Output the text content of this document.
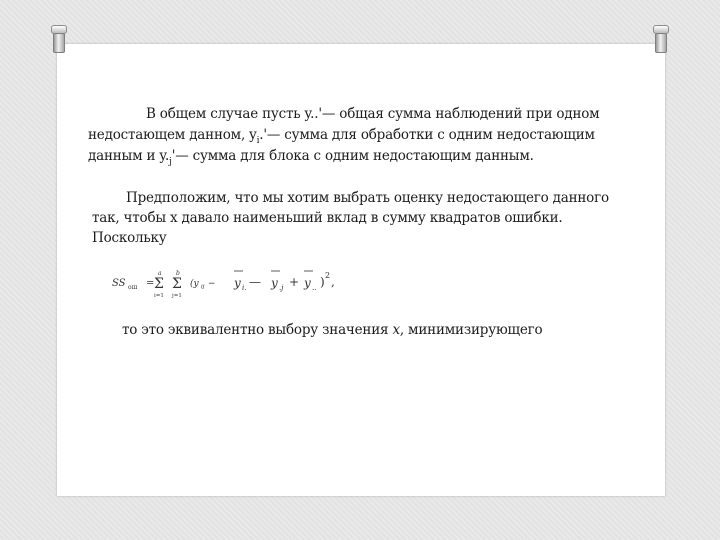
В общем случае пусть y..'— общая сумма наблюдений при одном
недостающем данном, $y_i.'—$ сумма для обработки с одним недостающим
данным и $y._j'—$ сумма для блока с одним недостающим данным.
Предположим, что мы хотим выбрать оценку недостающего данного
так, чтобы x давало наименьший вклад в сумму квадратов ошибки.
Поскольку
SS ош =
a
Σ
i=1
b
Σ
j=1
(y ij − y i. — y .j + y .. ) 2 ,
то это эквивалентно выбору значения x, минимизирующего
